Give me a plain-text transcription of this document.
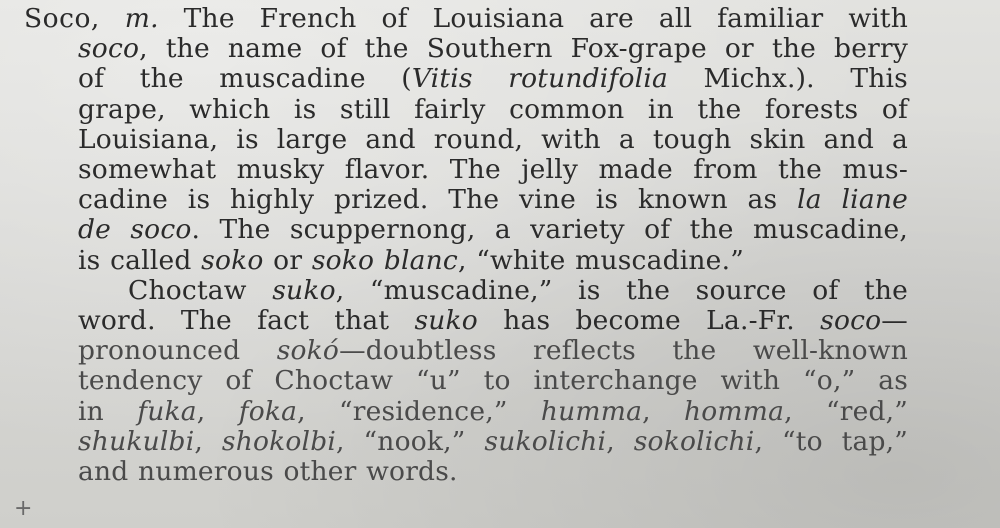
Soco, m. The French of Louisiana are all familiar with
soco, the name of the Southern Fox-grape or the berry
of the muscadine (Vitis rotundifolia Michx.). This
grape, which is still fairly common in the forests of
Louisiana, is large and round, with a tough skin and a
somewhat musky flavor. The jelly made from the mus-
cadine is highly prized. The vine is known as la liane
de soco. The scuppernong, a variety of the muscadine,
is called soko or soko blanc, “white muscadine.”
Choctaw suko, “muscadine,” is the source of the
word. The fact that suko has become La.-Fr. soco—
pronounced sokó—doubtless reflects the well-known
tendency of Choctaw “u” to interchange with “o,” as
in fuka, foka, “residence,” humma, homma, “red,”
shukulbi, shokolbi, “nook,” sukolichi, sokolichi, “to tap,”
and numerous other words.

+
